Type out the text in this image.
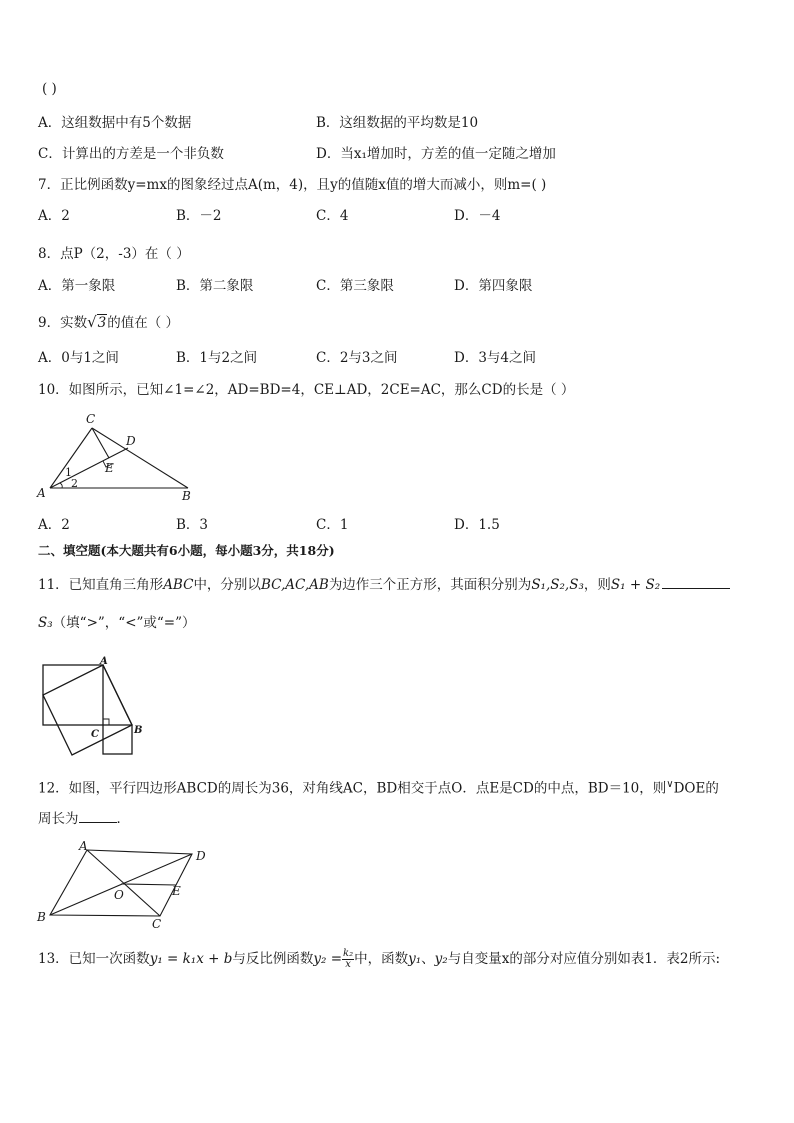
( )
A．这组数据中有5个数据	B．这组数据的平均数是10
C．计算出的方差是一个非负数	D．当x₁增加时，方差的值一定随之增加
7．正比例函数y=mx的图象经过点A(m，4)，且y的值随x值的增大而减小，则m=( )
A．2	B．－2	C．4	D．－4
8．点P（2，-3）在（ ）
A．第一象限	B．第二象限	C．第三象限	D．第四象限
9．实数√3的值在（ ）
A．0与1之间	B．1与2之间	C．2与3之间	D．3与4之间
10．如图所示，已知∠1=∠2，AD=BD=4，CE⊥AD，2CE=AC，那么CD的长是（ ）
C
D
E
A	B
1
2
A．2	B．3	C．1	D．1.5
二、填空题(本大题共有6小题，每小题3分，共18分)
11．已知直角三角形ABC中，分别以BC,AC,AB为边作三个正方形，其面积分别为S₁,S₂,S₃，则S₁ + S₂
S₃（填“>”，“<”或“=”）
A
B
C
12．如图，平行四边形ABCD的周长为36，对角线AC，BD相交于点O．点E是CD的中点，BD＝10，则∨DOE的
周长为	．
A
D
O	E
B	C
13．已知一次函数y₁ = k₁x + b与反比例函数$y_2 = \frac{\text{k₂}}{x}$ 中，函数y₁、y₂与自变量x的部分对应值分别如表1．表2所示:
